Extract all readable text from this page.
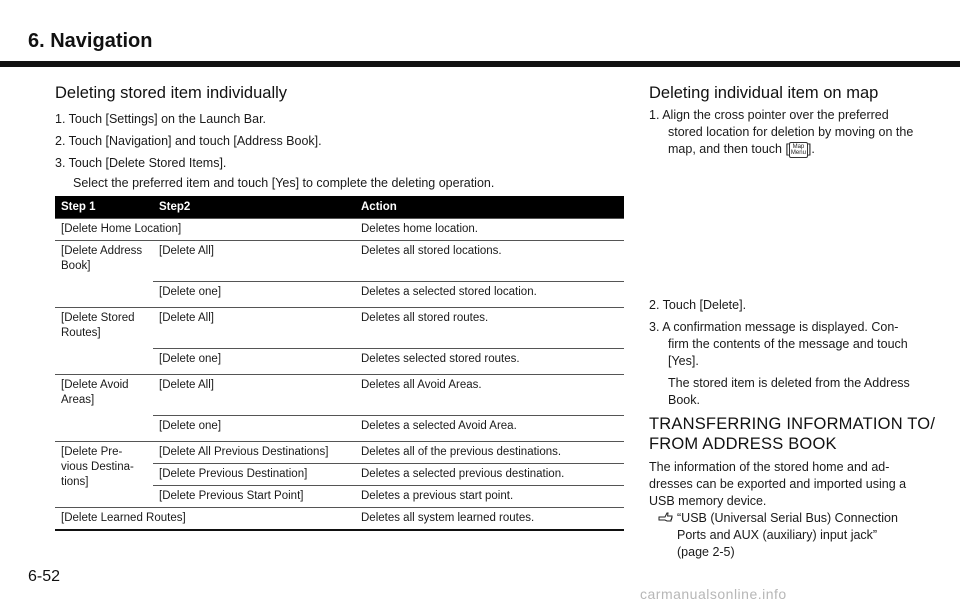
6. Navigation
Deleting stored item individually
1. Touch [Settings] on the Launch Bar.
2. Touch [Navigation] and touch [Address Book].
3. Touch [Delete Stored Items].
Select the preferred item and touch [Yes] to complete the deleting operation.
Step 1	Step2	Action
[Delete Home Location]		Deletes home location.
[Delete Address Book]	[Delete All]	Deletes all stored locations.
	[Delete one]	Deletes a selected stored location.
[Delete Stored Routes]	[Delete All]	Deletes all stored routes.
	[Delete one]	Deletes selected stored routes.
[Delete Avoid Areas]	[Delete All]	Deletes all Avoid Areas.
	[Delete one]	Deletes a selected Avoid Area.
[Delete Pre-vious Destina-tions]	[Delete All Previous Destinations]	Deletes all of the previous destinations.
	[Delete Previous Destination]	Deletes a selected previous destination.
	[Delete Previous Start Point]	Deletes a previous start point.
[Delete Learned Routes]		Deletes all system learned routes.
Deleting individual item on map
1. Align the cross pointer over the preferred
stored location for deletion by moving on the
map, and then touch [ Map
Menu ].
2. Touch [Delete].
3. A confirmation message is displayed. Con-
firm the contents of the message and touch
[Yes].
The stored item is deleted from the Address
Book.
TRANSFERRING INFORMATION TO/
FROM ADDRESS BOOK
The information of the stored home and ad-
dresses can be exported and imported using a
USB memory device.
“USB (Universal Serial Bus) Connection
Ports and AUX (auxiliary) input jack”
(page 2-5)
6-52
carmanualsonline.info
